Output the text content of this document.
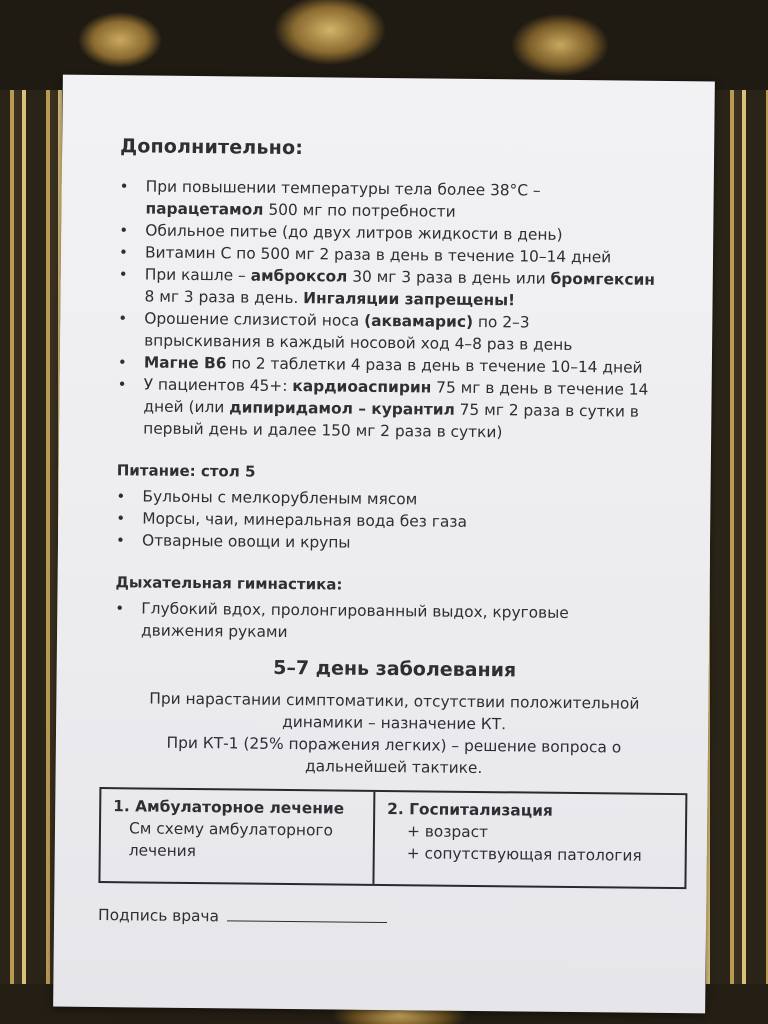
Дополнительно:
• При повышении температуры тела более 38°С –
парацетамол 500 мг по потребности
• Обильное питье (до двух литров жидкости в день)
• Витамин С по 500 мг 2 раза в день в течение 10–14 дней
• При кашле – амброксол 30 мг 3 раза в день или бромгексин
8 мг 3 раза в день. Ингаляции запрещены!
• Орошение слизистой носа (аквамарис) по 2–3
впрыскивания в каждый носовой ход 4–8 раз в день
• Магне В6 по 2 таблетки 4 раза в день в течение 10–14 дней
• У пациентов 45+: кардиоаспирин 75 мг в день в течение 14
дней (или дипиридамол – курантил 75 мг 2 раза в сутки в
первый день и далее 150 мг 2 раза в сутки)
Питание: стол 5
• Бульоны с мелкорубленым мясом
• Морсы, чаи, минеральная вода без газа
• Отварные овощи и крупы
Дыхательная гимнастика:
• Глубокий вдох, пролонгированный выдох, круговые
движения руками
5–7 день заболевания
При нарастании симптоматики, отсутствии положительной
динамики – назначение КТ.
При КТ-1 (25% поражения легких) – решение вопроса о
дальнейшей тактике.
1. Амбулаторное лечение
См схему амбулаторного
лечения
2. Госпитализация
+ возраст
+ сопутствующая патология
Подпись врача
